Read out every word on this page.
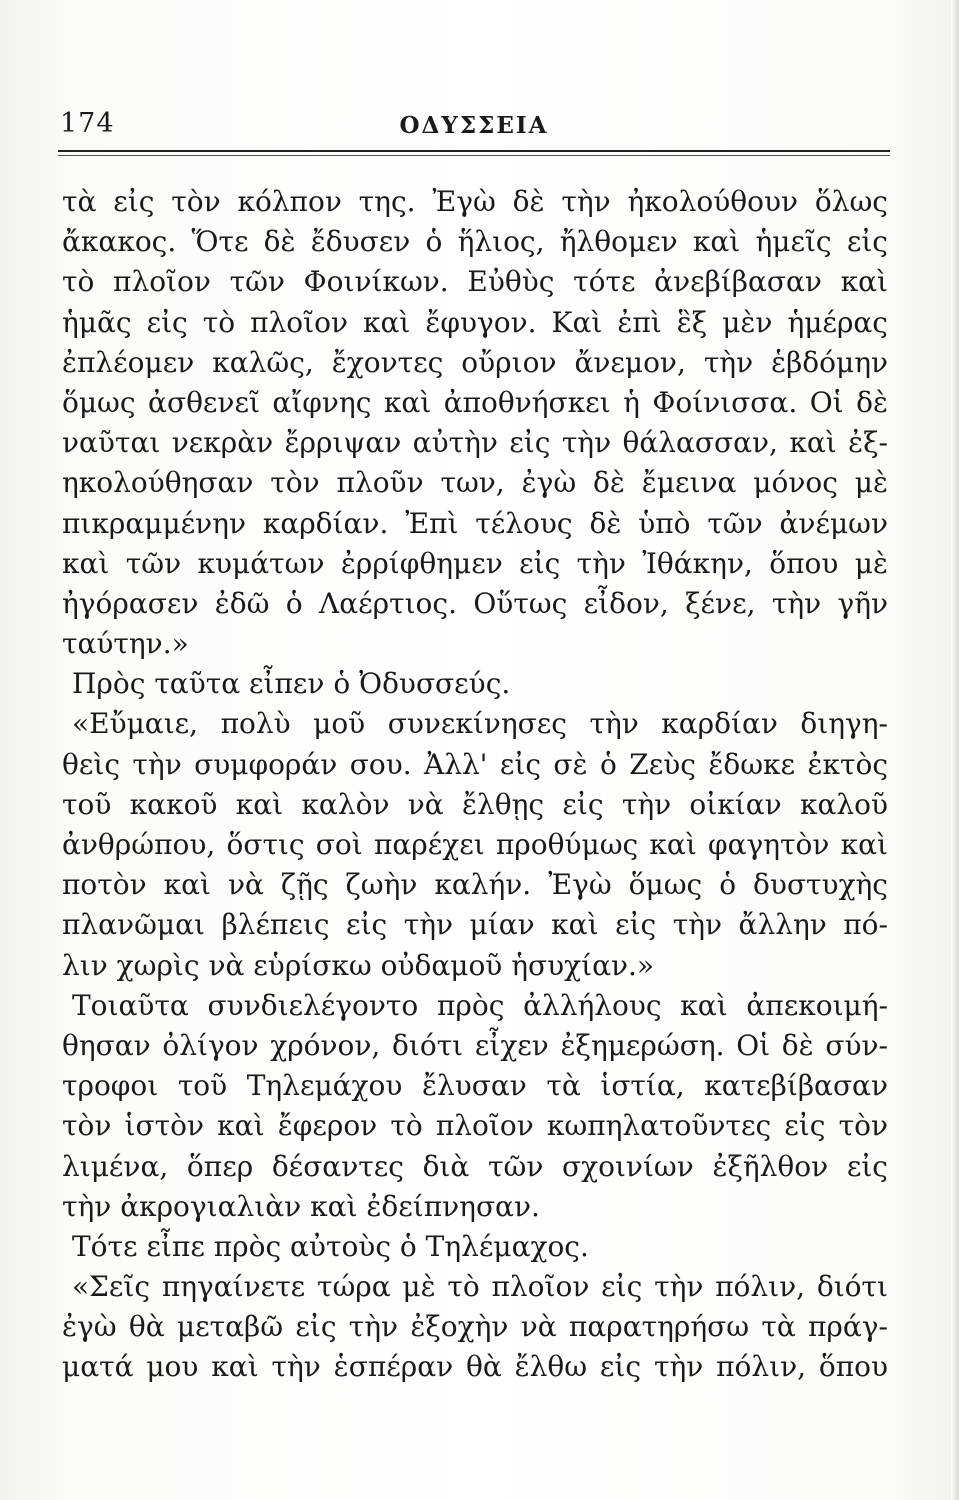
174	ΟΔΥΣΣΕΙΑ
τὰ εἰς τὸν κόλπον της. Ἐγὼ δὲ τὴν ἠκολούθουν ὅλως
ἄκακος. Ὅτε δὲ ἔδυσεν ὁ ἥλιος, ἤλθομεν καὶ ἡμεῖς εἰς
τὸ πλοῖον τῶν Φοινίκων. Εὐθὺς τότε ἀνεβίβασαν καὶ
ἡμᾶς εἰς τὸ πλοῖον καὶ ἔφυγον. Καὶ ἐπὶ ἓξ μὲν ἡμέρας
ἐπλέομεν καλῶς, ἔχοντες οὔριον ἄνεμον, τὴν ἑβδόμην
ὅμως ἀσθενεῖ αἴφνης καὶ ἀποθνήσκει ἡ Φοίνισσα. Οἱ δὲ
ναῦται νεκρὰν ἔρριψαν αὐτὴν εἰς τὴν θάλασσαν, καὶ ἐξ-
ηκολούθησαν τὸν πλοῦν των, ἐγὼ δὲ ἔμεινα μόνος μὲ
πικραμμένην καρδίαν. Ἐπὶ τέλους δὲ ὑπὸ τῶν ἀνέμων
καὶ τῶν κυμάτων ἐρρίφθημεν εἰς τὴν Ἰθάκην, ὅπου μὲ
ἠγόρασεν ἐδῶ ὁ Λαέρτιος. Οὕτως εἶδον, ξένε, τὴν γῆν
ταύτην.»
Πρὸς ταῦτα εἶπεν ὁ Ὀδυσσεύς.
«Εὔμαιε, πολὺ μοῦ συνεκίνησες τὴν καρδίαν διηγη-
θεὶς τὴν συμφοράν σου. Ἀλλ' εἰς σὲ ὁ Ζεὺς ἔδωκε ἐκτὸς
τοῦ κακοῦ καὶ καλὸν νὰ ἔλθῃς εἰς τὴν οἰκίαν καλοῦ
ἀνθρώπου, ὅστις σοὶ παρέχει προθύμως καὶ φαγητὸν καὶ
ποτὸν καὶ νὰ ζῇς ζωὴν καλήν. Ἐγὼ ὅμως ὁ δυστυχὴς
πλανῶμαι βλέπεις εἰς τὴν μίαν καὶ εἰς τὴν ἄλλην πό-
λιν χωρὶς νὰ εὑρίσκω οὐδαμοῦ ἡσυχίαν.»
Τοιαῦτα συνδιελέγοντο πρὸς ἀλλήλους καὶ ἀπεκοιμή-
θησαν ὀλίγον χρόνον, διότι εἶχεν ἐξημερώση. Οἱ δὲ σύν-
τροφοι τοῦ Τηλεμάχου ἔλυσαν τὰ ἱστία, κατεβίβασαν
τὸν ἱστὸν καὶ ἔφερον τὸ πλοῖον κωπηλατοῦντες εἰς τὸν
λιμένα, ὅπερ δέσαντες διὰ τῶν σχοινίων ἐξῆλθον εἰς
τὴν ἀκρογιαλιὰν καὶ ἐδείπνησαν.
Τότε εἶπε πρὸς αὐτοὺς ὁ Τηλέμαχος.
«Σεῖς πηγαίνετε τώρα μὲ τὸ πλοῖον εἰς τὴν πόλιν, διότι
ἐγὼ θὰ μεταβῶ εἰς τὴν ἐξοχὴν νὰ παρατηρήσω τὰ πράγ-
ματά μου καὶ τὴν ἑσπέραν θὰ ἔλθω εἰς τὴν πόλιν, ὅπου
